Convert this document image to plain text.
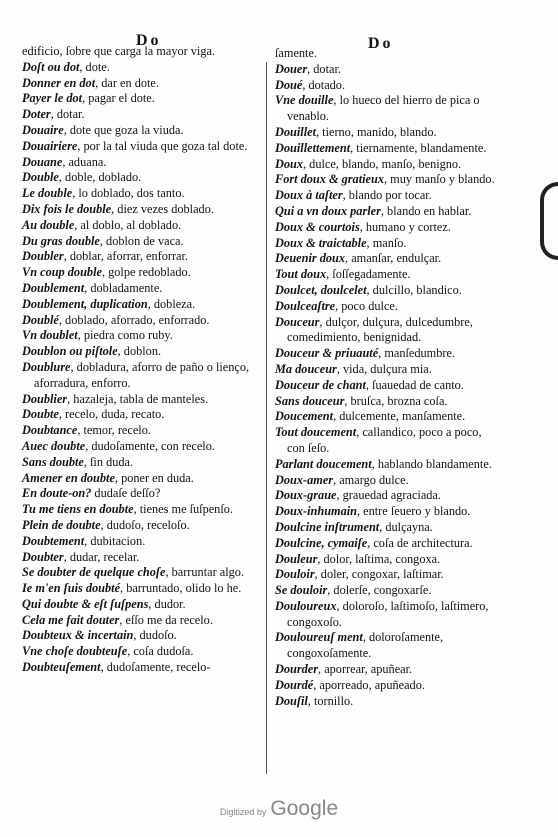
Do	Do
edificio, ſobre que carga la mayor viga.
Doſt ou dot, dote.
Donner en dot, dar en dote.
Payer le dot, pagar el dote.
Doter, dotar.
Douaire, dote que goza la viuda.
Douairiere, por la tal viuda que goza tal dote.
Douane, aduana.
Double, doble, doblado.
Le double, lo doblado, dos tanto.
Dix fois le double, diez vezes doblado.
Au double, al doblo, al doblado.
Du gras double, doblon de vaca.
Doubler, doblar, aforrar, enforrar.
Vn coup double, golpe redoblado.
Doublement, dobladamente.
Doublement, duplication, dobleza.
Doublé, doblado, aforrado, enforrado.
Vn doublet, piedra como ruby.
Doublon ou piſtole, doblon.
Doublure, dobladura, aforro de paño o lienço, aforradura, enforro.
Doublier, hazaleja, tabla de manteles.
Doubte, recelo, duda, recato.
Doubtance, temor, recelo.
Auec doubte, dudoſamente, con recelo.
Sans doubte, ſin duda.
Amener en doubte, poner en duda.
En doute-on? dudaſe deſſo?
Tu me tiens en doubte, tienes me ſuſpenſo.
Plein de doubte, dudoſo, receloſo.
Doubtement, dubitacion.
Doubter, dudar, recelar.
Se doubter de quelque choſe, barruntar algo.
Ie m'en ſuis doubté, barruntado, olido lo he.
Qui doubte & eſt ſuſpens, dudor.
Cela me fait douter, eſſo me da recelo.
Doubteux & incertain, dudoſo.
Vne choſe doubteuſe, coſa dudoſa.
Doubteuſement, dudoſamente, recelo-
ſamente.
Douer, dotar.
Doué, dotado.
Vne douille, lo hueco del hierro de pica o venablo.
Douillet, tierno, manido, blando.
Douillettement, tiernamente, blandamente.
Doux, dulce, blando, manſo, benigno.
Fort doux & gratieux, muy manſo y blando.
Doux à taſter, blando por tocar.
Qui a vn doux parler, blando en hablar.
Doux & courtois, humano y cortez.
Doux & traictable, manſo.
Deuenir doux, amanſar, endulçar.
Tout doux, ſoſſegadamente.
Doulcet, doulcelet, dulcillo, blandico.
Doulceaſtre, poco dulce.
Douceur, dulçor, dulçura, dulcedumbre, comedimiento, benignidad.
Douceur & priuauté, manſedumbre.
Ma douceur, vida, dulçura mia.
Douceur de chant, ſuauedad de canto.
Sans douceur, bruſca, brozna coſa.
Doucement, dulcemente, manſamente.
Tout doucement, callandico, poco a poco, con ſeſo.
Parlant doucement, hablando blandamente.
Doux-amer, amargo dulce.
Doux-graue, grauedad agraciada.
Doux-inhumain, entre ſeuero y blando.
Doulcine inſtrument, dulçayna.
Doulcine, cymaiſe, coſa de architectura.
Douleur, dolor, laſtima, congoxa.
Douloir, doler, congoxar, laſtimar.
Se douloir, dolerſe, congoxarſe.
Douloureux, doloroſo, laſtimoſo, laſtimero, congoxoſo.
Douloureuſ ment, doloroſamente, congoxoſamente.
Dourder, aporrear, apuñear.
Dourdé, aporreado, apuñeado.
Douſil, tornillo.
Digitized by Google
